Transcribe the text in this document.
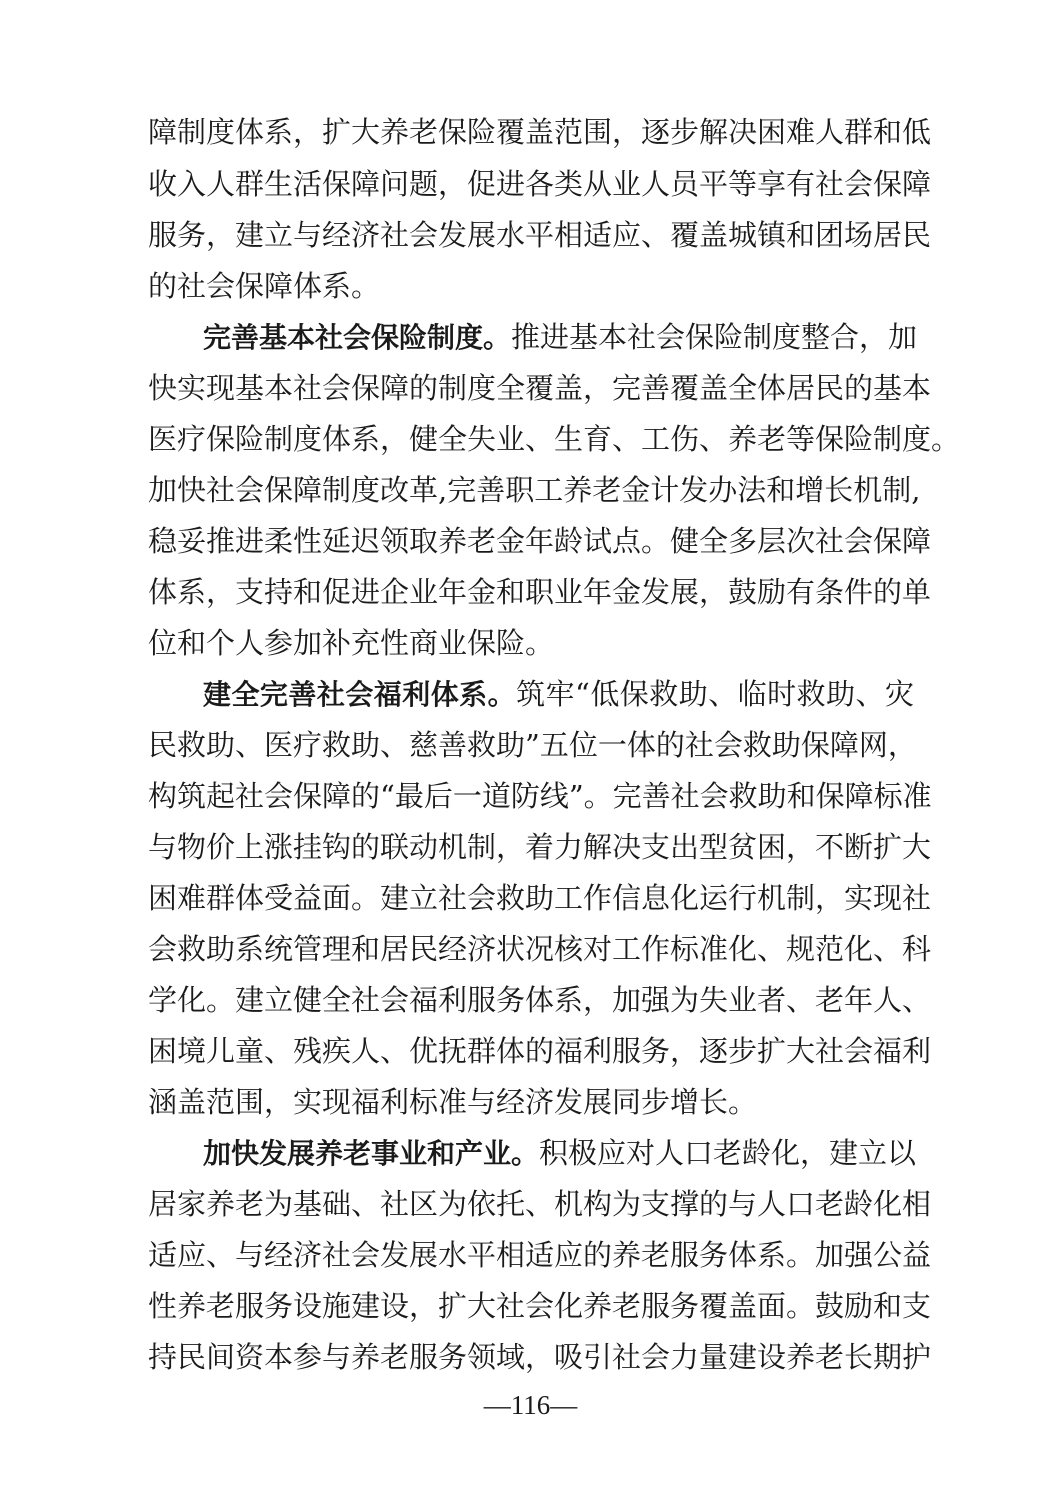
障制度体系，扩大养老保险覆盖范围，逐步解决困难人群和低
收入人群生活保障问题，促进各类从业人员平等享有社会保障
服务，建立与经济社会发展水平相适应、覆盖城镇和团场居民
的社会保障体系。
完善基本社会保险制度。推进基本社会保险制度整合，加
快实现基本社会保障的制度全覆盖，完善覆盖全体居民的基本
医疗保险制度体系，健全失业、生育、工伤、养老等保险制度。
加快社会保障制度改革,完善职工养老金计发办法和增长机制,
稳妥推进柔性延迟领取养老金年龄试点。健全多层次社会保障
体系，支持和促进企业年金和职业年金发展，鼓励有条件的单
位和个人参加补充性商业保险。
建全完善社会福利体系。筑牢“低保救助、临时救助、灾
民救助、医疗救助、慈善救助”五位一体的社会救助保障网，
构筑起社会保障的“最后一道防线”。完善社会救助和保障标准
与物价上涨挂钩的联动机制，着力解决支出型贫困，不断扩大
困难群体受益面。建立社会救助工作信息化运行机制，实现社
会救助系统管理和居民经济状况核对工作标准化、规范化、科
学化。建立健全社会福利服务体系，加强为失业者、老年人、
困境儿童、残疾人、优抚群体的福利服务，逐步扩大社会福利
涵盖范围，实现福利标准与经济发展同步增长。
加快发展养老事业和产业。积极应对人口老龄化，建立以
居家养老为基础、社区为依托、机构为支撑的与人口老龄化相
适应、与经济社会发展水平相适应的养老服务体系。加强公益
性养老服务设施建设，扩大社会化养老服务覆盖面。鼓励和支
持民间资本参与养老服务领域，吸引社会力量建设养老长期护
—116—
